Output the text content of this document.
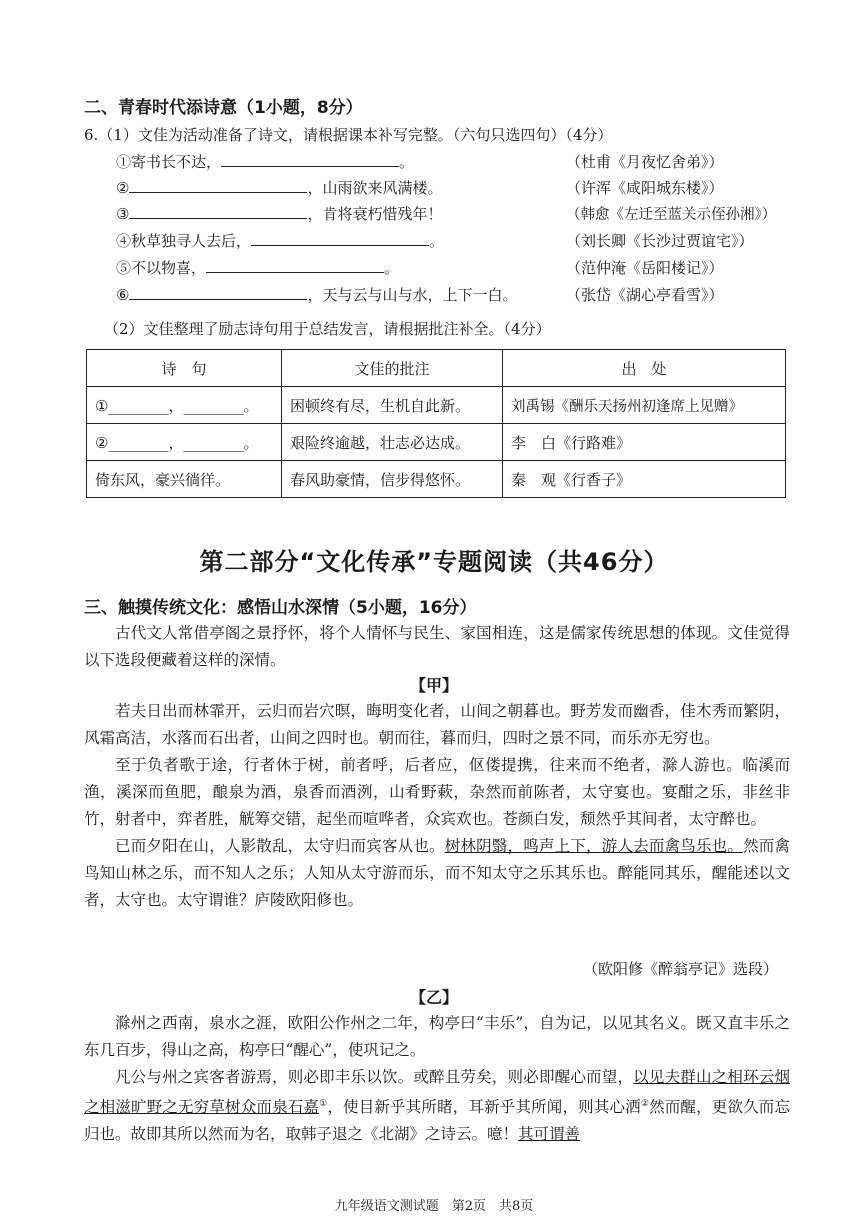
二、青春时代添诗意（1小题，8分）
6.（1）文佳为活动准备了诗文，请根据课本补写完整。（六句只选四句）（4分）
①寄书长不达，	。	（杜甫《月夜忆舍弟》）
②	，山雨欲来风满楼。	（许浑《咸阳城东楼》）
③	，肯将衰朽惜残年！	（韩愈《左迁至蓝关示侄孙湘》）
④秋草独寻人去后，	。	（刘长卿《长沙过贾谊宅》）
⑤不以物喜，	。	（范仲淹《岳阳楼记》）
⑥	，天与云与山与水，上下一白。	（张岱《湖心亭看雪》）
（2）文佳整理了励志诗句用于总结发言，请根据批注补全。（4分）
诗　句	文佳的批注	出　处
①________，________。	困顿终有尽，生机自此新。	刘禹锡《酬乐天扬州初逢席上见赠》
②________，________。	艰险终逾越，壮志必达成。	李　白《行路难》
倚东风，豪兴徜徉。	春风助豪情，信步得悠怀。	秦　观《行香子》
第二部分“文化传承”专题阅读（共46分）
三、触摸传统文化：感悟山水深情（5小题，16分）

古代文人常借亭阁之景抒怀，将个人情怀与民生、家国相连，这是儒家传统思想的体现。文佳觉得以下选段便藏着这样的深情。

【甲】

若夫日出而林霏开，云归而岩穴暝，晦明变化者，山间之朝暮也。野芳发而幽香，佳木秀而繁阴，风霜高洁，水落而石出者，山间之四时也。朝而往，暮而归，四时之景不同，而乐亦无穷也。

至于负者歌于途，行者休于树，前者呼，后者应，伛偻提携，往来而不绝者，滁人游也。临溪而渔，溪深而鱼肥，酿泉为酒，泉香而酒洌，山肴野蔌，杂然而前陈者，太守宴也。宴酣之乐，非丝非竹，射者中，弈者胜，觥筹交错，起坐而喧哗者，众宾欢也。苍颜白发，颓然乎其间者，太守醉也。

已而夕阳在山，人影散乱，太守归而宾客从也。树林阴翳，鸣声上下，游人去而禽鸟乐也。然而禽鸟知山林之乐，而不知人之乐；人知从太守游而乐，而不知太守之乐其乐也。醉能同其乐，醒能述以文者，太守也。太守谓谁？庐陵欧阳修也。

（欧阳修《醉翁亭记》选段）
【乙】

滁州之西南，泉水之涯，欧阳公作州之二年，构亭曰“丰乐”，自为记，以见其名义。既又直丰乐之东几百步，得山之高，构亭曰“醒心”，使巩记之。

凡公与州之宾客者游焉，则必即丰乐以饮。或醉且劳矣，则必即醒心而望，以见夫群山之相环云烟之相滋旷野之无穷草树众而泉石嘉①，使目新乎其所睹，耳新乎其所闻，则其心洒②然而醒，更欲久而忘归也。故即其所以然而为名，取韩子退之《北湖》之诗云。噫！其可谓善

九年级语文测试题　第2页　共8页
